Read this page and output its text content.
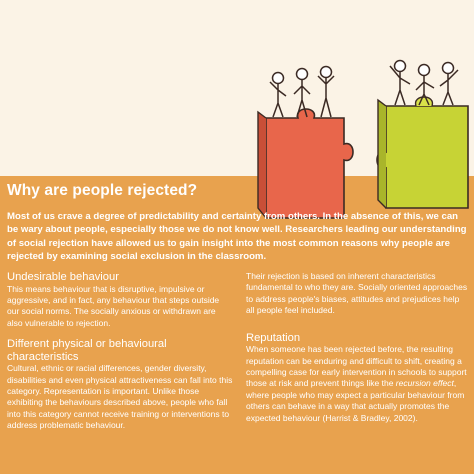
Why are people rejected?

Most of us crave a degree of predictability and certainty from others. In the absence of this, we can be wary about people, especially those we do not know well. Researchers leading our understanding of social rejection have allowed us to gain insight into the most common reasons why people are rejected by examining social exclusion in the classroom.

Undesirable behaviour

This means behaviour that is disruptive, impulsive or aggressive, and in fact, any behaviour that steps outside our social norms. The socially anxious or withdrawn are also vulnerable to rejection.

Different physical or behavioural characteristics

Cultural, ethnic or racial differences, gender diversity, disabilities and even physical attractiveness can fall into this category. Representation is important. Unlike those exhibiting the behaviours described above, people who fall into this category cannot receive training or interventions to address problematic behaviour.

Their rejection is based on inherent characteristics fundamental to who they are. Socially oriented approaches to address people's biases, attitudes and prejudices help all people feel included.

Reputation

When someone has been rejected before, the resulting reputation can be enduring and difficult to shift, creating a compelling case for early intervention in schools to support those at risk and prevent things like the recursion effect, where people who may expect a particular behaviour from others can behave in a way that actually promotes the expected behaviour (Harrist & Bradley, 2002).
